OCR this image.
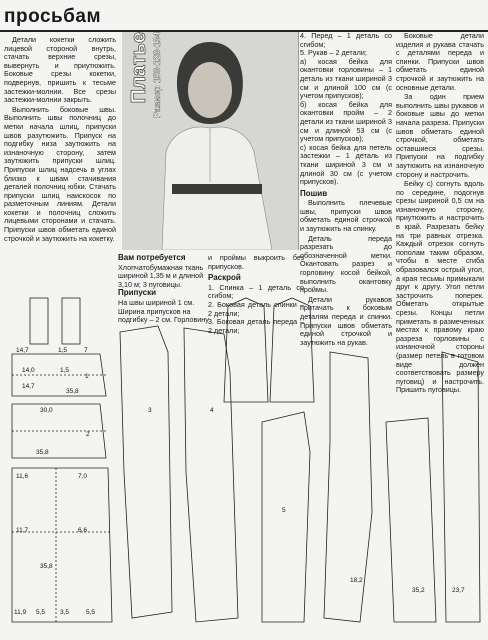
просьбам

Детали кокетки сложить лицевой стороной внутрь, стачать верхние срезы, вывернуть и приутюжить. Боковые срезы кокетки, подвернув, пришить к тесьме застежки-молнии. Все срезы застежки-молнии закрыть.

Выполнить боковые швы. Выполнить швы полочниц до метки начала шлиц, припуски швов разутюжить. Припуск на подгибку низа заутюжить на изнаночную сторону, затем заутюжить припуски шлиц. Припуски шлиц надсечь в углах близко к швам стачивания деталей полочниц юбки. Стачать припуски шлиц наискосок по разметочным линиям. Детали кокетки и полочниц сложить лицевыми сторонами и стачать. Припуски швов обметать единой строчкой и заутюжить на кокетку.

Платье Размер 158-128-134
Вам потребуется
Хлопчатобумажная ткань шириной 1,35 м и длиной 3,10 м; 3 пуговицы.
Припуски
На швы шириной 1 см. Ширина припусков на подгибку – 2 см. Горловину
и проймы выкроить без припусков.
Раскрой
1. Спинка – 1 деталь со сгибом;
2. Боковая деталь спинки – 2 детали;
3. Боковая деталь переда – 2 детали;
4. Перед – 1 деталь со сгибом;
5. Рукав – 2 детали;
а) косая бейка для окантовки горловины – 1 деталь из ткани шириной 3 см и длиной 100 см (с учетом припусков);
б) косая бейка для окантовки пройм – 2 детали из ткани шириной 3 см и длиной 53 см (с учетом припусков);
с) косая бейка для петель застежки – 1 деталь из ткани шириной 3 см и длиной 30 см (с учетом припусков).
Пошив

Выполнить плечевые швы, припуски швов обметать единой строчкой и заутюжить на спинку.

Деталь переда разрезать до обозначенной метки. Окантовать разрез и горловину косой бейкой, выполнить окантовку проймы.

Детали рукавов притачать к боковым деталям переда и спинки. Припуски швов обметать единой строчкой и заутюжить на рукав.

Боковые детали изделия и рукава стачать с деталями переда и спинки. Припуски швов обметать единой строчкой и заутюжить на основные детали.

За один прием выполнить швы рукавов и боковые швы до метки начала разреза. Припуски швов обметать единой строчкой, обметать оставшиеся срезы. Припуски на подгибку заутюжить на изнаночную сторону и настрочить.

Бейку с) согнуть вдоль по середине, подогнув срезы шириной 0,5 см на изнаночную сторону, приутюжить и настрочить в край. Разрезать бейку на три равных отрезка. Каждый отрезок согнуть пополам таким образом, чтобы в месте сгиба образовался острый угол, а края тесьмы примыкали друг к другу. Угол петли застрочить поперек. Обметать открытые срезы. Концы петли приметать в размеченных местах к правому краю разреза горловины с изнаночной стороны (размер петель в готовом виде должен соответствовать размеру пуговиц) и настрочить. Пришить пуговицы.

14,7	1,5	7
14,0	1,5
14,7
35,8
30,0
35,8
11,6	7,0
11,7	6,6
5,5 3,5
11,9	5,5
35,8
1
2
3	4
5
35,2
18,2
23,7
